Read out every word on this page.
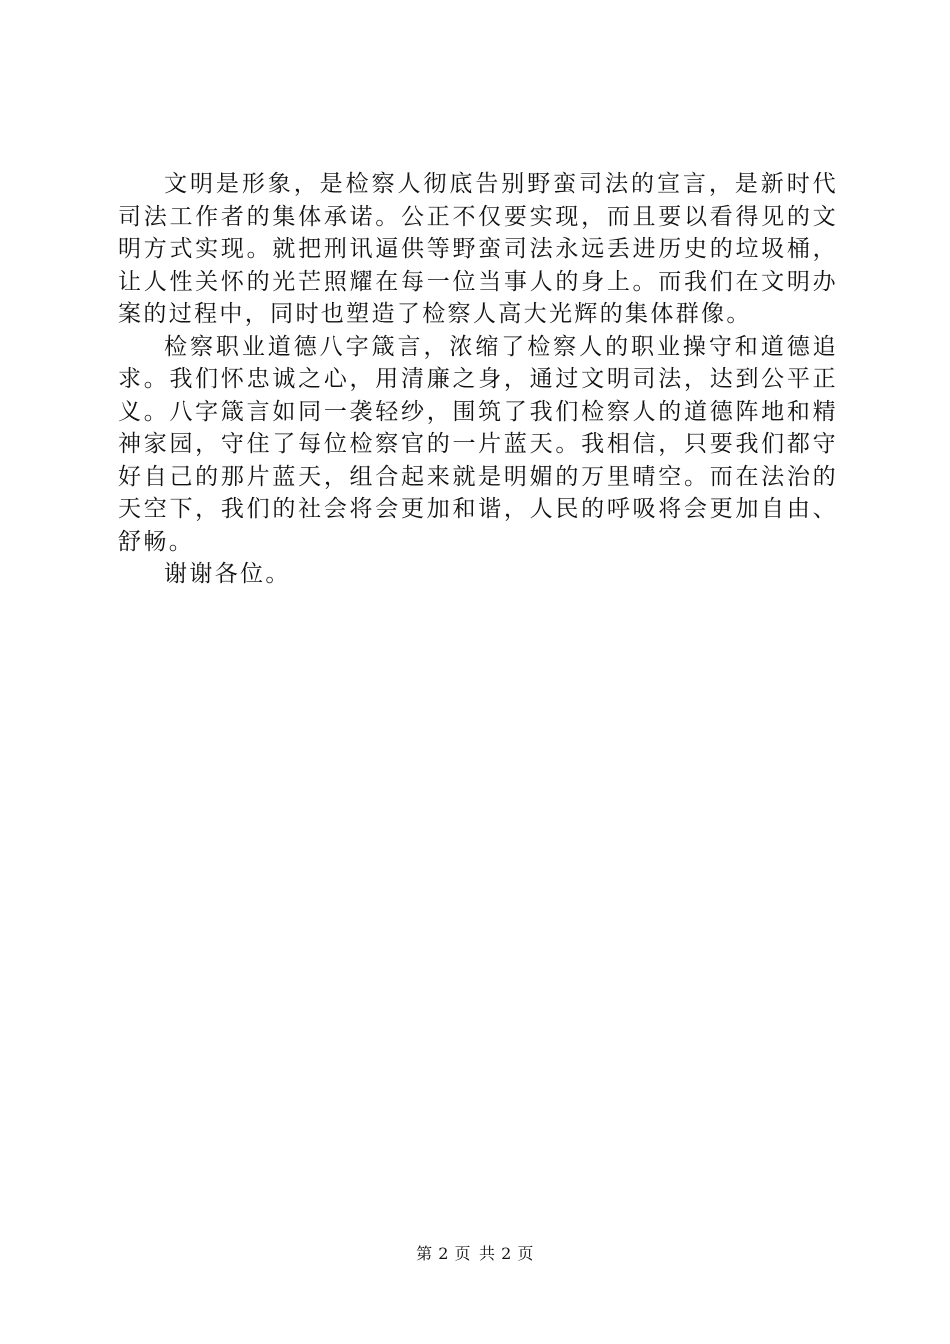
文明是形象，是检察人彻底告别野蛮司法的宣言，是新时代司法工作者的集体承诺。公正不仅要实现，而且要以看得见的文明方式实现。就把刑讯逼供等野蛮司法永远丢进历史的垃圾桶，让人性关怀的光芒照耀在每一位当事人的身上。而我们在文明办案的过程中，同时也塑造了检察人高大光辉的集体群像。

检察职业道德八字箴言，浓缩了检察人的职业操守和道德追求。我们怀忠诚之心，用清廉之身，通过文明司法，达到公平正义。八字箴言如同一袭轻纱，围筑了我们检察人的道德阵地和精神家园，守住了每位检察官的一片蓝天。我相信，只要我们都守好自己的那片蓝天，组合起来就是明媚的万里晴空。而在法治的天空下，我们的社会将会更加和谐，人民的呼吸将会更加自由、舒畅。

谢谢各位。

第 2 页 共 2 页
